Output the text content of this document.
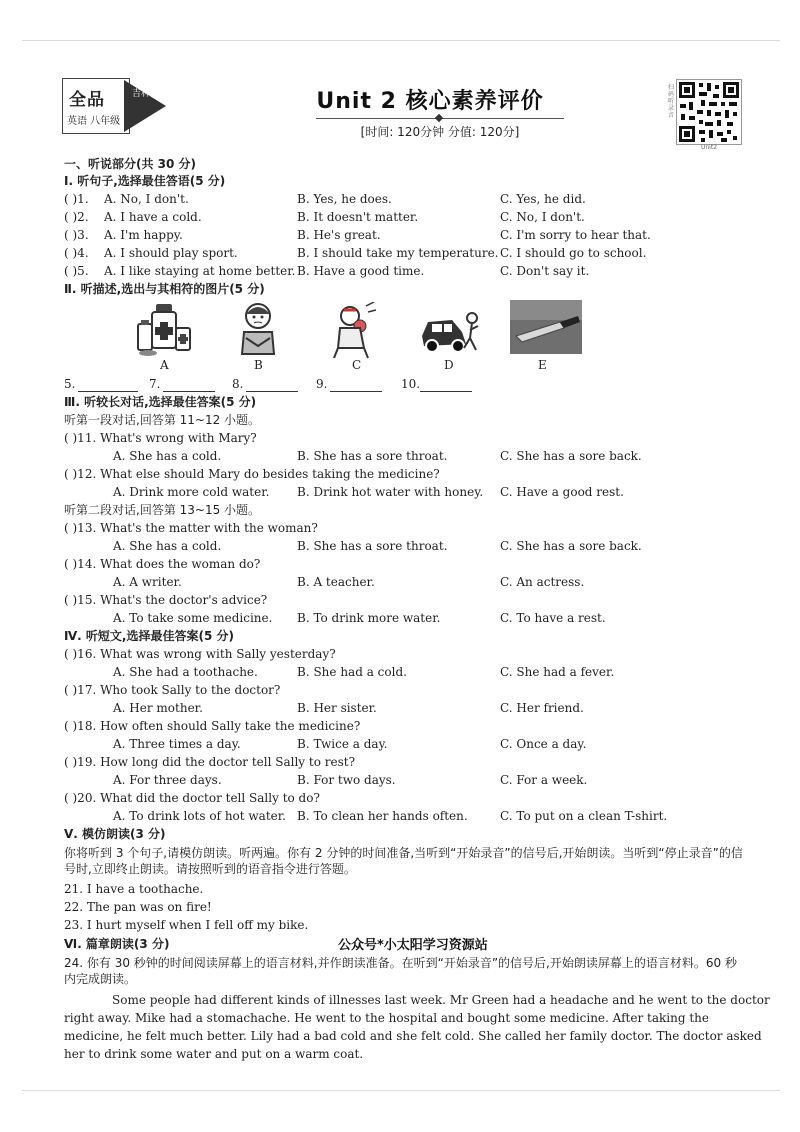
全品
英语 八年级
吉林	Unit 2 核心素养评价
[时间: 120分钟 分值: 120分]
扫码听录音
Unit2
一、听说部分(共 30 分)
Ⅰ. 听句子,选择最佳答语(5 分)
( )1. A. No, I don't.	B. Yes, he does.	C. Yes, he did.
( )2. A. I have a cold.	B. It doesn't matter.	C. No, I don't.
( )3. A. I'm happy.	B. He's great.	C. I'm sorry to hear that.
( )4. A. I should play sport.	B. I should take my temperature. C. I should go to school.
( )5. A. I like staying at home better. B. Have a good time.	C. Don't say it.
Ⅱ. 听描述,选出与其相符的图片(5 分)
A	B	C	D	E
5.	7.	8.	9.	10.
Ⅲ. 听较长对话,选择最佳答案(5 分)
听第一段对话,回答第 11~12 小题。
( )11. What's wrong with Mary?
A. She has a cold.	B. She has a sore throat.	C. She has a sore back.
( )12. What else should Mary do besides taking the medicine?
A. Drink more cold water. B. Drink hot water with honey. C. Have a good rest.
听第二段对话,回答第 13~15 小题。
( )13. What's the matter with the woman?
A. She has a cold.	B. She has a sore throat.	C. She has a sore back.
( )14. What does the woman do?
A. A writer.	B. A teacher.	C. An actress.
( )15. What's the doctor's advice?
A. To take some medicine. B. To drink more water.	C. To have a rest.
Ⅳ. 听短文,选择最佳答案(5 分)
( )16. What was wrong with Sally yesterday?
A. She had a toothache.	B. She had a cold.	C. She had a fever.
( )17. Who took Sally to the doctor?
A. Her mother.	B. Her sister.	C. Her friend.
( )18. How often should Sally take the medicine?
A. Three times a day.	B. Twice a day.	C. Once a day.
( )19. How long did the doctor tell Sally to rest?
A. For three days.	B. For two days.	C. For a week.
( )20. What did the doctor tell Sally to do?
A. To drink lots of hot water. B. To clean her hands often.	C. To put on a clean T-shirt.
Ⅴ. 模仿朗读(3 分)
你将听到 3 个句子,请模仿朗读。听两遍。你有 2 分钟的时间准备,当听到“开始录音”的信号后,开始朗读。当听到“停止录音”的信号时,立即终止朗读。请按照听到的语音指令进行答题。
21. I have a toothache.
22. The pan was on fire!
23. I hurt myself when I fell off my bike.
Ⅵ. 篇章朗读(3 分)	公众号*小太阳学习资源站
24. 你有 30 秒钟的时间阅读屏幕上的语言材料,并作朗读准备。在听到“开始录音”的信号后,开始朗读屏幕上的语言材料。60 秒内完成朗读。
Some people had different kinds of illnesses last week. Mr Green had a headache and he went to the doctor
right away. Mike had a stomachache. He went to the hospital and bought some medicine. After taking the
medicine, he felt much better. Lily had a bad cold and she felt cold. She called her family doctor. The doctor asked
her to drink some water and put on a warm coat.
